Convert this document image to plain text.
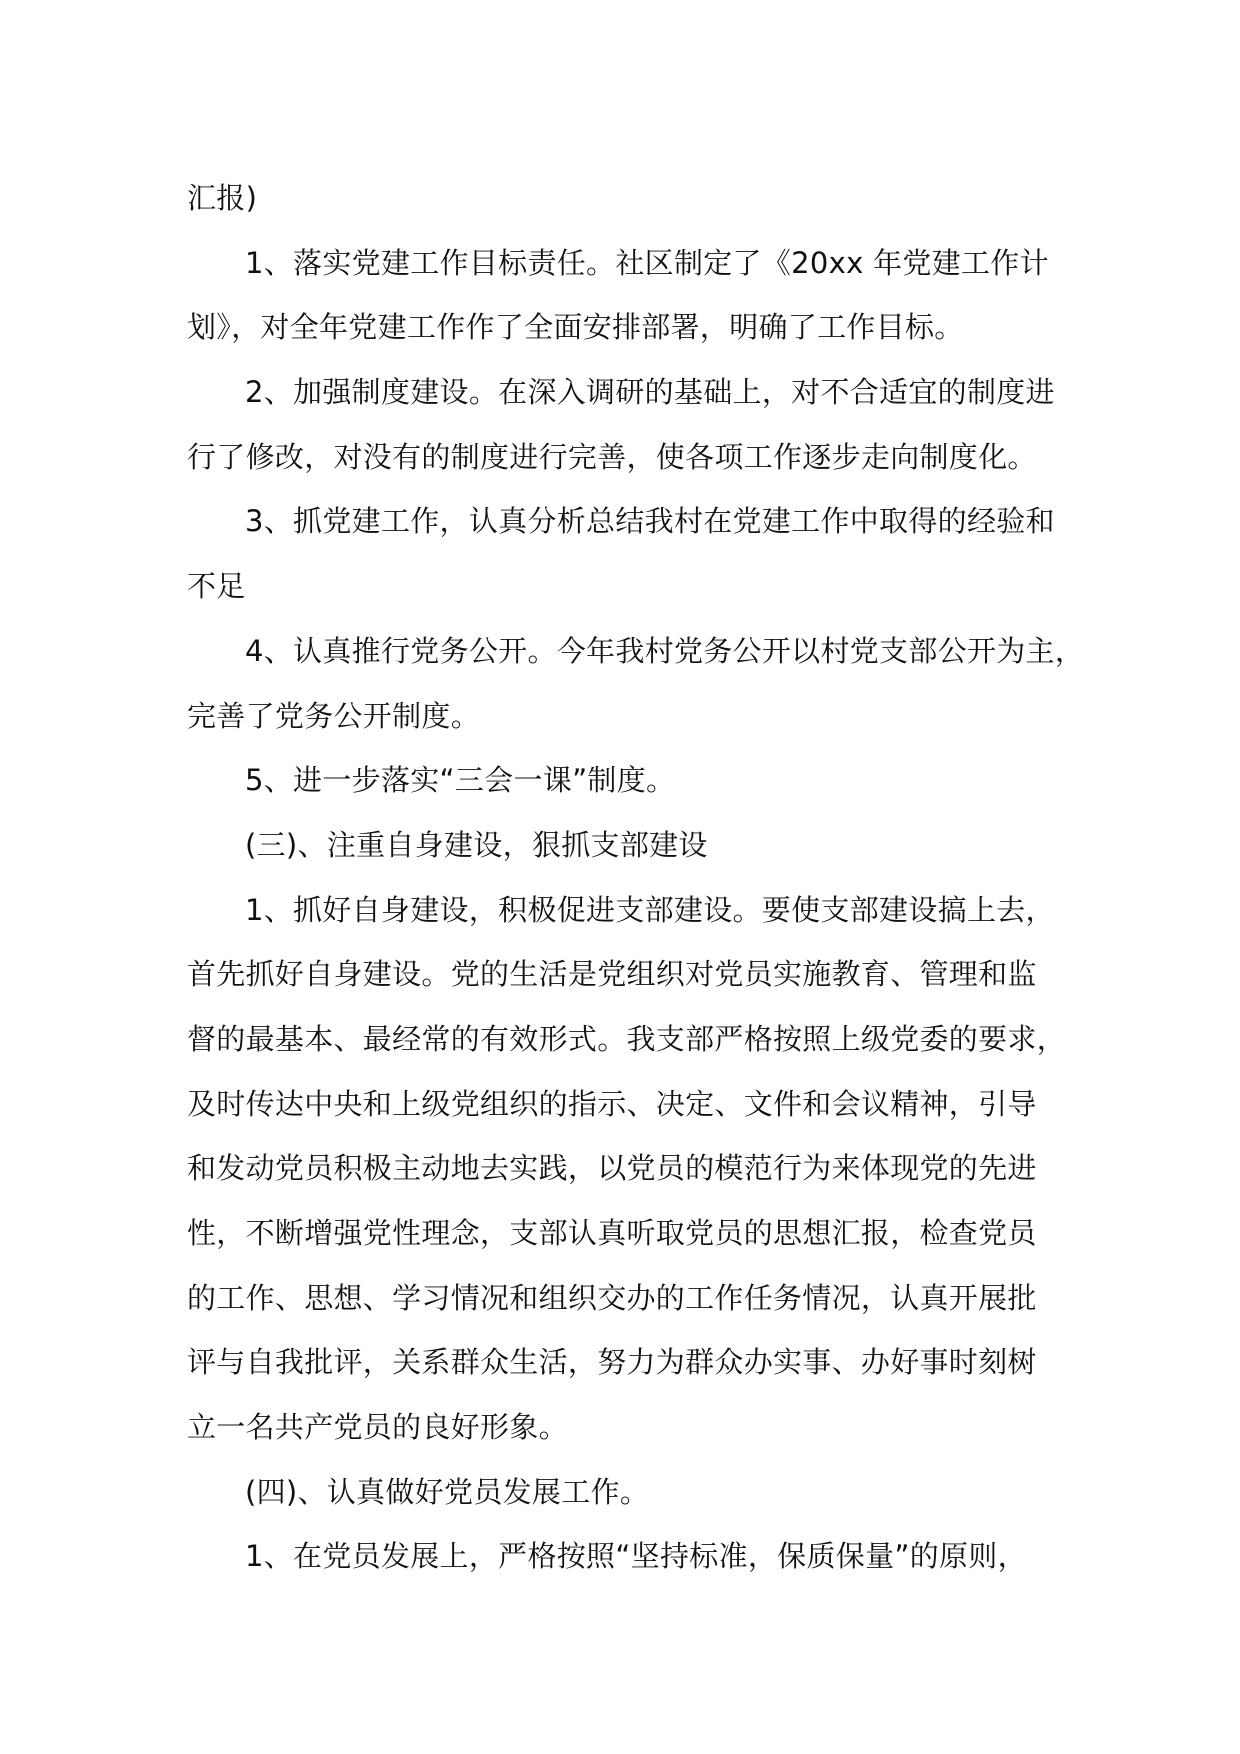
汇报)
1、落实党建工作目标责任。社区制定了《20xx 年党建工作计
划》，对全年党建工作作了全面安排部署，明确了工作目标。
2、加强制度建设。在深入调研的基础上，对不合适宜的制度进
行了修改，对没有的制度进行完善，使各项工作逐步走向制度化。
3、抓党建工作，认真分析总结我村在党建工作中取得的经验和
不足
4、认真推行党务公开。今年我村党务公开以村党支部公开为主，
完善了党务公开制度。
5、进一步落实“三会一课”制度。
(三)、注重自身建设，狠抓支部建设
1、抓好自身建设，积极促进支部建设。要使支部建设搞上去，
首先抓好自身建设。党的生活是党组织对党员实施教育、管理和监
督的最基本、最经常的有效形式。我支部严格按照上级党委的要求，
及时传达中央和上级党组织的指示、决定、文件和会议精神，引导
和发动党员积极主动地去实践，以党员的模范行为来体现党的先进
性，不断增强党性理念，支部认真听取党员的思想汇报，检查党员
的工作、思想、学习情况和组织交办的工作任务情况，认真开展批
评与自我批评，关系群众生活，努力为群众办实事、办好事时刻树
立一名共产党员的良好形象。
(四)、认真做好党员发展工作。
1、在党员发展上，严格按照“坚持标准，保质保量”的原则，
